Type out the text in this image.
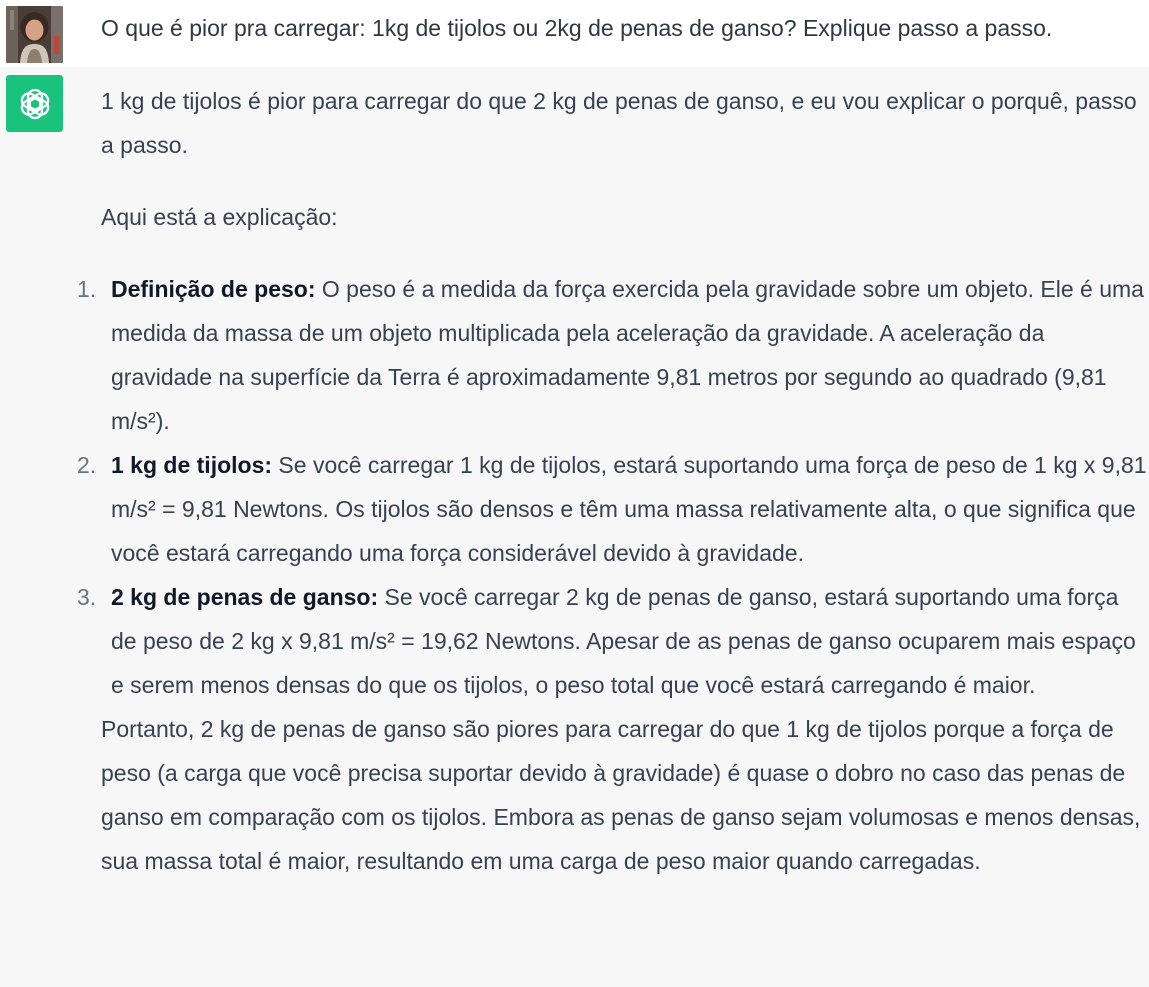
O que é pior pra carregar: 1kg de tijolos ou 2kg de penas de ganso? Explique passo a passo.

1 kg de tijolos é pior para carregar do que 2 kg de penas de ganso, e eu vou explicar o porquê, passo a passo.

Aqui está a explicação:

1. Definição de peso: O peso é a medida da força exercida pela gravidade sobre um objeto. Ele é uma medida da massa de um objeto multiplicada pela aceleração da gravidade. A aceleração da gravidade na superfície da Terra é aproximadamente 9,81 metros por segundo ao quadrado (9,81 m/s²).
2. 1 kg de tijolos: Se você carregar 1 kg de tijolos, estará suportando uma força de peso de 1 kg x 9,81 m/s² = 9,81 Newtons. Os tijolos são densos e têm uma massa relativamente alta, o que significa que você estará carregando uma força considerável devido à gravidade.
3. 2 kg de penas de ganso: Se você carregar 2 kg de penas de ganso, estará suportando uma força de peso de 2 kg x 9,81 m/s² = 19,62 Newtons. Apesar de as penas de ganso ocuparem mais espaço e serem menos densas do que os tijolos, o peso total que você estará carregando é maior.

Portanto, 2 kg de penas de ganso são piores para carregar do que 1 kg de tijolos porque a força de peso (a carga que você precisa suportar devido à gravidade) é quase o dobro no caso das penas de ganso em comparação com os tijolos. Embora as penas de ganso sejam volumosas e menos densas, sua massa total é maior, resultando em uma carga de peso maior quando carregadas.
